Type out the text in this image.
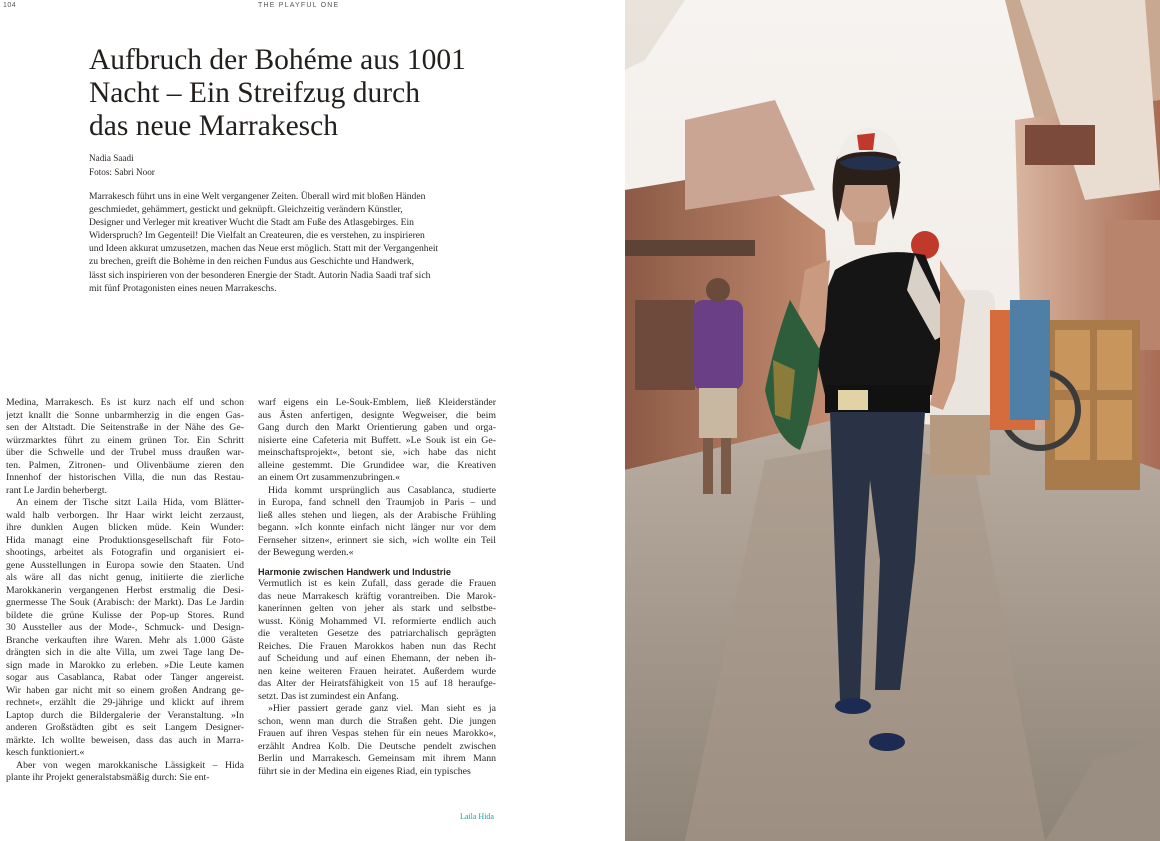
104	THE PLAYFUL ONE
Aufbruch der Bohéme aus 1001
Nacht – Ein Streifzug durch
das neue Marrakesch
Nadia Saadi
Fotos: Sabri Noor
Marrakesch führt uns in eine Welt vergangener Zeiten. Überall wird mit bloßen Händen
geschmiedet, gehämmert, gestickt und geknüpft. Gleichzeitig verändern Künstler,
Designer und Verleger mit kreativer Wucht die Stadt am Fuße des Atlasgebirges. Ein
Widerspruch? Im Gegenteil! Die Vielfalt an Createuren, die es verstehen, zu inspirieren
und Ideen akkurat umzusetzen, machen das Neue erst möglich. Statt mit der Vergangenheit
zu brechen, greift die Bohème in den reichen Fundus aus Geschichte und Handwerk,
lässt sich inspirieren von der besonderen Energie der Stadt. Autorin Nadia Saadi traf sich
mit fünf Protagonisten eines neuen Marrakeschs.
Medina, Marrakesch. Es ist kurz nach elf und schon
jetzt knallt die Sonne unbarmherzig in die engen Gas-
sen der Altstadt. Die Seitenstraße in der Nähe des Ge-
würzmarktes führt zu einem grünen Tor. Ein Schritt
über die Schwelle und der Trubel muss draußen war-
ten. Palmen, Zitronen- und Olivenbäume zieren den
Innenhof der historischen Villa, die nun das Restau-
rant Le Jardin beherbergt.
An einem der Tische sitzt Laila Hida, vom Blätter-
wald halb verborgen. Ihr Haar wirkt leicht zerzaust,
ihre dunklen Augen blicken müde. Kein Wunder:
Hida managt eine Produktionsgesellschaft für Foto-
shootings, arbeitet als Fotografin und organisiert ei-
gene Ausstellungen in Europa sowie den Staaten. Und
als wäre all das nicht genug, initiierte die zierliche
Marokkanerin vergangenen Herbst erstmalig die Desi-
gnermesse The Souk (Arabisch: der Markt). Das Le Jardin
bildete die grüne Kulisse der Pop-up Stores. Rund
30 Aussteller aus der Mode-, Schmuck- und Design-
Branche verkauften ihre Waren. Mehr als 1.000 Gäste
drängten sich in die alte Villa, um zwei Tage lang De-
sign made in Marokko zu erleben. »Die Leute kamen
sogar aus Casablanca, Rabat oder Tanger angereist.
Wir haben gar nicht mit so einem großen Andrang ge-
rechnet«, erzählt die 29-jährige und klickt auf ihrem
Laptop durch die Bildergalerie der Veranstaltung. »In
anderen Großstädten gibt es seit Langem Designer-
märkte. Ich wollte beweisen, dass das auch in Marra-
kesch funktioniert.«
Aber von wegen marokkanische Lässigkeit – Hida
plante ihr Projekt generalstabsmäßig durch: Sie ent-
warf eigens ein Le-Souk-Emblem, ließ Kleiderständer
aus Ästen anfertigen, designte Wegweiser, die beim
Gang durch den Markt Orientierung gaben und orga-
nisierte eine Cafeteria mit Buffett. »Le Souk ist ein Ge-
meinschaftsprojekt«, betont sie, »ich habe das nicht
alleine gestemmt. Die Grundidee war, die Kreativen
an einem Ort zusammenzubringen.«
Hida kommt ursprünglich aus Casablanca, studierte
in Europa, fand schnell den Traumjob in Paris – und
ließ alles stehen und liegen, als der Arabische Frühling
begann. »Ich konnte einfach nicht länger nur vor dem
Fernseher sitzen«, erinnert sie sich, »ich wollte ein Teil
der Bewegung werden.«
Harmonie zwischen Handwerk und Industrie
Vermutlich ist es kein Zufall, dass gerade die Frauen
das neue Marrakesch kräftig vorantreiben. Die Marok-
kanerinnen gelten von jeher als stark und selbstbe-
wusst. König Mohammed VI. reformierte endlich auch
die veralteten Gesetze des patriarchalisch geprägten
Reiches. Die Frauen Marokkos haben nun das Recht
auf Scheidung und auf einen Ehemann, der neben ih-
nen keine weiteren Frauen heiratet. Außerdem wurde
das Alter der Heiratsfähigkeit von 15 auf 18 heraufge-
setzt. Das ist zumindest ein Anfang.
»Hier passiert gerade ganz viel. Man sieht es ja
schon, wenn man durch die Straßen geht. Die jungen
Frauen auf ihren Vespas stehen für ein neues Marokko«,
erzählt Andrea Kolb. Die Deutsche pendelt zwischen
Berlin und Marrakesch. Gemeinsam mit ihrem Mann
führt sie in der Medina ein eigenes Riad, ein typisches
Laila Hida
